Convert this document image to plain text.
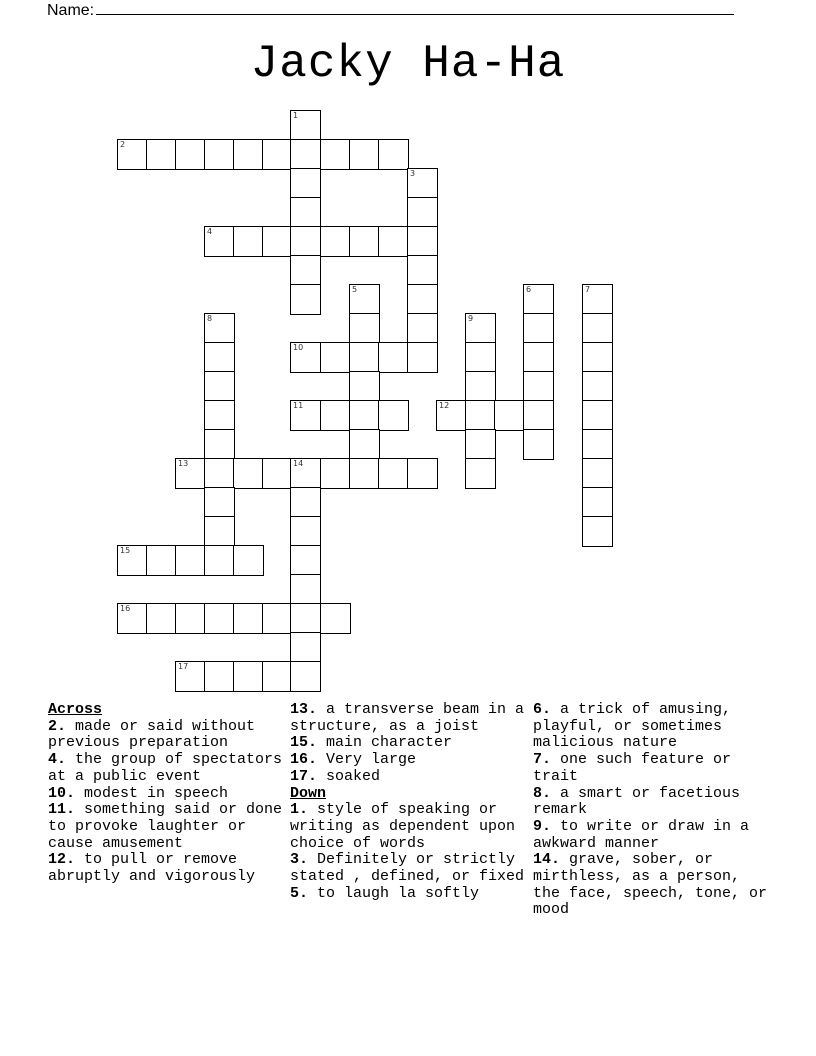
Name:
Jacky Ha-Ha
1
2
3
4
5	6	7
8	9
10
11	12
13	14
15
16
17
Across
2. made or said without previous preparation
4. the group of spectators at a public event
10. modest in speech
11. something said or done to provoke laughter or cause amusement
12. to pull or remove abruptly and vigorously
13. a transverse beam in a structure, as a joist
15. main character
16. Very large
17. soaked
Down
1. style of speaking or writing as dependent upon choice of words
3. Definitely or strictly stated , defined, or fixed
5. to laugh la softly
6. a trick of amusing, playful, or sometimes malicious nature
7. one such feature or trait
8. a smart or facetious remark
9. to write or draw in a awkward manner
14. grave, sober, or mirthless, as a person, the face, speech, tone, or mood
